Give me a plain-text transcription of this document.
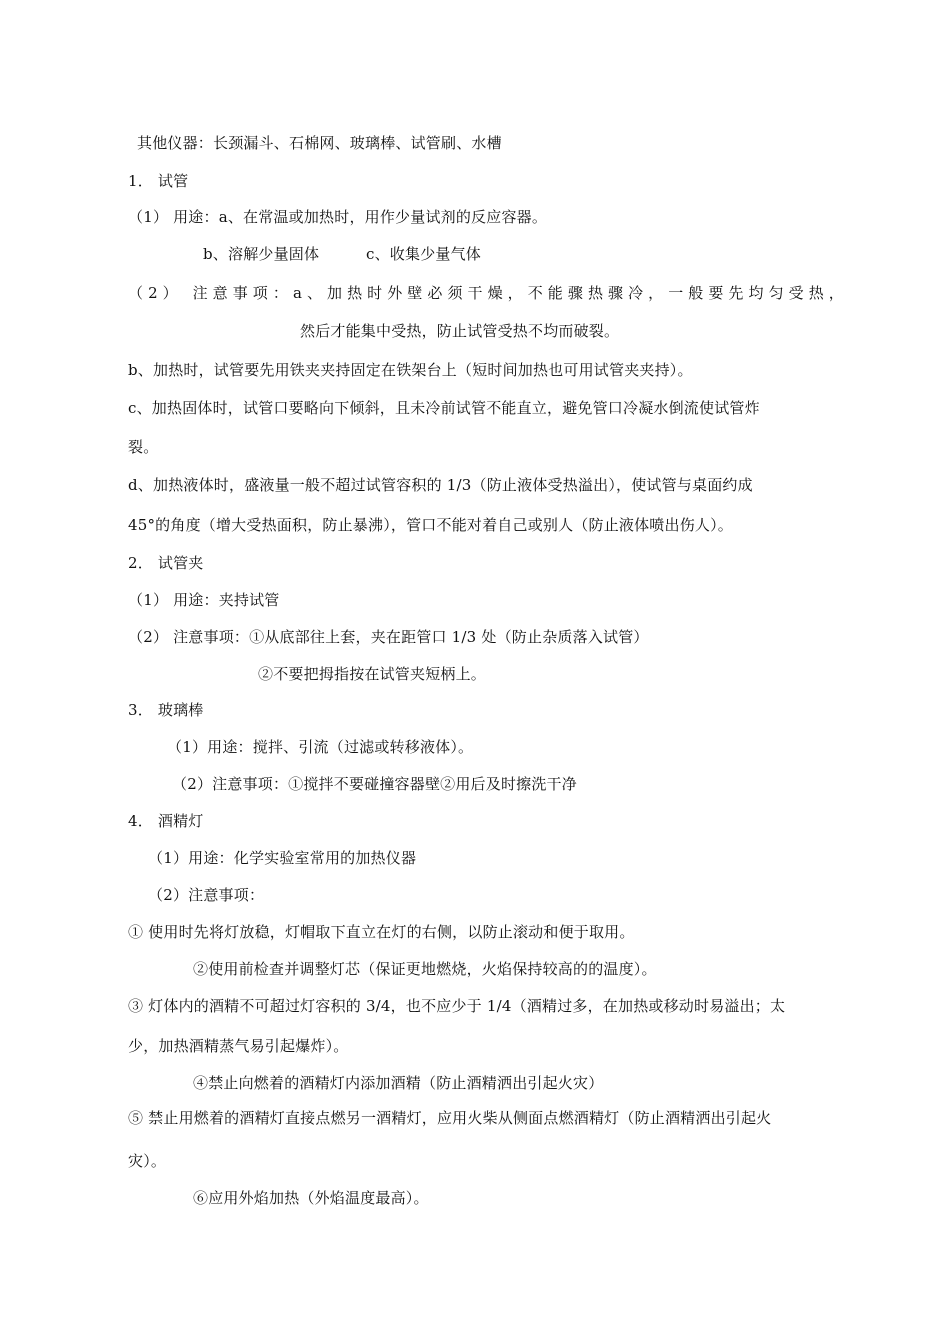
其他仪器：长颈漏斗、石棉网、玻璃棒、试管刷、水槽
1． 试管
（1） 用途：a、在常温或加热时，用作少量试剂的反应容器。
b、溶解少量固体	c、收集少量气体
（2） 注意事项：a、加热时外壁必须干燥，不能骤热骤冷，一般要先均匀受热，
然后才能集中受热，防止试管受热不均而破裂。
b、加热时，试管要先用铁夹夹持固定在铁架台上（短时间加热也可用试管夹夹持）。
c、加热固体时，试管口要略向下倾斜，且未冷前试管不能直立，避免管口冷凝水倒流使试管炸
裂。
d、加热液体时，盛液量一般不超过试管容积的 1/3（防止液体受热溢出），使试管与桌面约成
45°的角度（增大受热面积，防止暴沸），管口不能对着自己或别人（防止液体喷出伤人）。
2． 试管夹
（1） 用途：夹持试管
（2） 注意事项：①从底部往上套，夹在距管口 1/3 处（防止杂质落入试管）
②不要把拇指按在试管夹短柄上。
3． 玻璃棒
（1）用途：搅拌、引流（过滤或转移液体）。
（2）注意事项：①搅拌不要碰撞容器壁②用后及时擦洗干净
4． 酒精灯
（1）用途：化学实验室常用的加热仪器
（2）注意事项：
① 使用时先将灯放稳，灯帽取下直立在灯的右侧，以防止滚动和便于取用。
②使用前检查并调整灯芯（保证更地燃烧，火焰保持较高的的温度）。
③ 灯体内的酒精不可超过灯容积的 3/4，也不应少于 1/4（酒精过多，在加热或移动时易溢出；太
少，加热酒精蒸气易引起爆炸）。
④禁止向燃着的酒精灯内添加酒精（防止酒精洒出引起火灾）
⑤ 禁止用燃着的酒精灯直接点燃另一酒精灯，应用火柴从侧面点燃酒精灯（防止酒精洒出引起火
灾）。
⑥应用外焰加热（外焰温度最高）。
